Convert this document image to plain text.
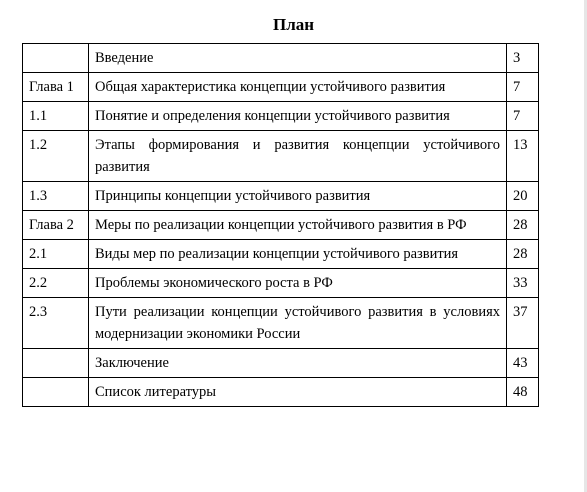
План
	Введение	3
Глава 1	Общая характеристика концепции устойчивого развития	7
1.1	Понятие и определения концепции устойчивого развития	7
1.2	Этапы формирования и развития концепции устойчивого развития	13
1.3	Принципы концепции устойчивого развития	20
Глава 2	Меры по реализации концепции устойчивого развития в РФ	28
2.1	Виды мер по реализации концепции устойчивого развития	28
2.2	Проблемы экономического роста в РФ	33
2.3	Пути реализации концепции устойчивого развития в условиях модернизации экономики России	37
	Заключение	43
	Список литературы	48
